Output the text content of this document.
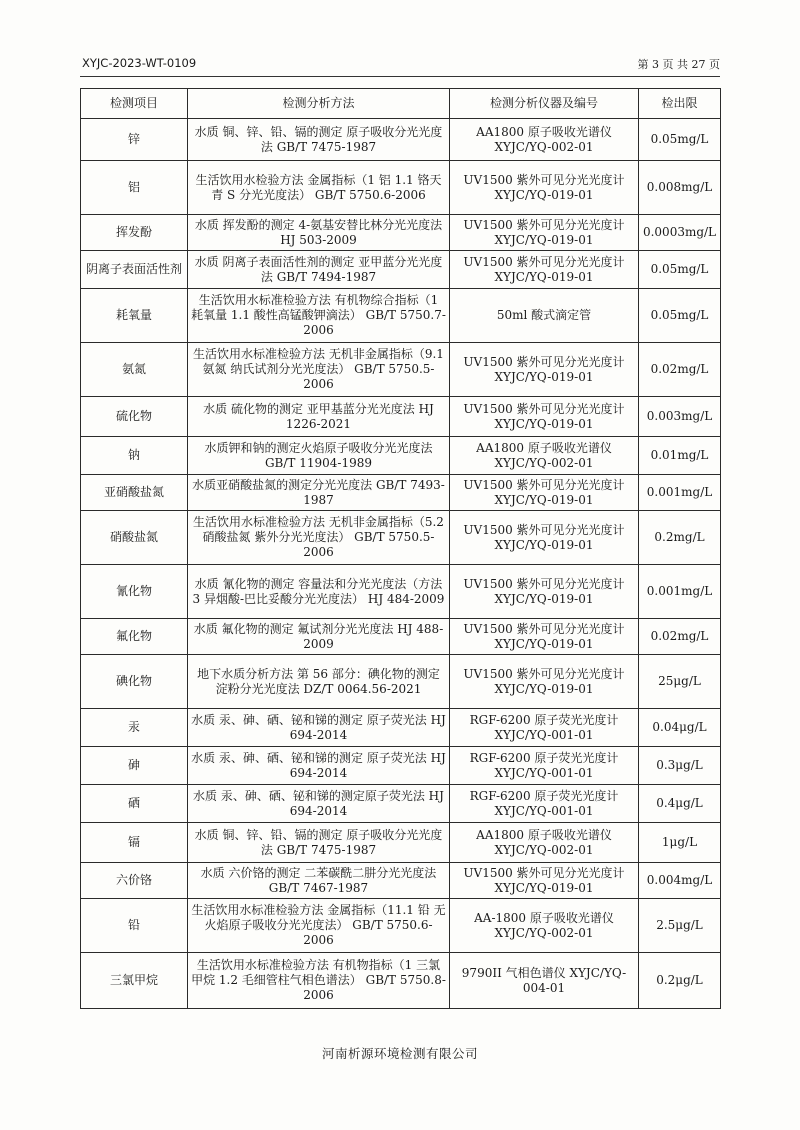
XYJC-2023-WT-0109	第 3 页 共 27 页
检测项目	检测分析方法	检测分析仪器及编号	检出限
锌	水质 铜、锌、铅、镉的测定 原子吸收分光光度法 GB/T 7475-1987	AA1800 原子吸收光谱仪 XYJC/YQ-002-01	0.05mg/L
铝	生活饮用水检验方法 金属指标（1 铝 1.1 铬天青 S 分光光度法） GB/T 5750.6-2006	UV1500 紫外可见分光光度计 XYJC/YQ-019-01	0.008mg/L
挥发酚	水质 挥发酚的测定 4-氨基安替比林分光光度法 HJ 503-2009	UV1500 紫外可见分光光度计 XYJC/YQ-019-01	0.0003mg/L
阴离子表面活性剂	水质 阴离子表面活性剂的测定 亚甲蓝分光光度法 GB/T 7494-1987	UV1500 紫外可见分光光度计 XYJC/YQ-019-01	0.05mg/L
耗氧量	生活饮用水标准检验方法 有机物综合指标（1 耗氧量 1.1 酸性高锰酸钾滴法） GB/T 5750.7-2006	50ml 酸式滴定管	0.05mg/L
氨氮	生活饮用水标准检验方法 无机非金属指标（9.1 氨氮 纳氏试剂分光光度法） GB/T 5750.5-2006	UV1500 紫外可见分光光度计 XYJC/YQ-019-01	0.02mg/L
硫化物	水质 硫化物的测定 亚甲基蓝分光光度法 HJ 1226-2021	UV1500 紫外可见分光光度计 XYJC/YQ-019-01	0.003mg/L
钠	水质钾和钠的测定火焰原子吸收分光光度法 GB/T 11904-1989	AA1800 原子吸收光谱仪 XYJC/YQ-002-01	0.01mg/L
亚硝酸盐氮	水质亚硝酸盐氮的测定分光光度法 GB/T 7493-1987	UV1500 紫外可见分光光度计 XYJC/YQ-019-01	0.001mg/L
硝酸盐氮	生活饮用水标准检验方法 无机非金属指标（5.2 硝酸盐氮 紫外分光光度法） GB/T 5750.5-2006	UV1500 紫外可见分光光度计 XYJC/YQ-019-01	0.2mg/L
氰化物	水质 氰化物的测定 容量法和分光光度法（方法 3 异烟酸-巴比妥酸分光光度法） HJ 484-2009	UV1500 紫外可见分光光度计 XYJC/YQ-019-01	0.001mg/L
氟化物	水质 氟化物的测定 氟试剂分光光度法 HJ 488-2009	UV1500 紫外可见分光光度计 XYJC/YQ-019-01	0.02mg/L
碘化物	地下水质分析方法 第 56 部分：碘化物的测定 淀粉分光光度法 DZ/T 0064.56-2021	UV1500 紫外可见分光光度计 XYJC/YQ-019-01	25μg/L
汞	水质 汞、砷、硒、铋和锑的测定 原子荧光法 HJ 694-2014	RGF-6200 原子荧光光度计 XYJC/YQ-001-01	0.04μg/L
砷	水质 汞、砷、硒、铋和锑的测定 原子荧光法 HJ 694-2014	RGF-6200 原子荧光光度计 XYJC/YQ-001-01	0.3μg/L
硒	水质 汞、砷、硒、铋和锑的测定原子荧光法 HJ 694-2014	RGF-6200 原子荧光光度计 XYJC/YQ-001-01	0.4μg/L
镉	水质 铜、锌、铅、镉的测定 原子吸收分光光度法 GB/T 7475-1987	AA1800 原子吸收光谱仪 XYJC/YQ-002-01	1μg/L
六价铬	水质 六价铬的测定 二苯碳酰二肼分光光度法 GB/T 7467-1987	UV1500 紫外可见分光光度计 XYJC/YQ-019-01	0.004mg/L
铅	生活饮用水标准检验方法 金属指标（11.1 铅 无火焰原子吸收分光光度法） GB/T 5750.6-2006	AA-1800 原子吸收光谱仪 XYJC/YQ-002-01	2.5μg/L
三氯甲烷	生活饮用水标准检验方法 有机物指标（1 三氯甲烷 1.2 毛细管柱气相色谱法） GB/T 5750.8-2006	9790II 气相色谱仪 XYJC/YQ-004-01	0.2μg/L
河南析源环境检测有限公司
